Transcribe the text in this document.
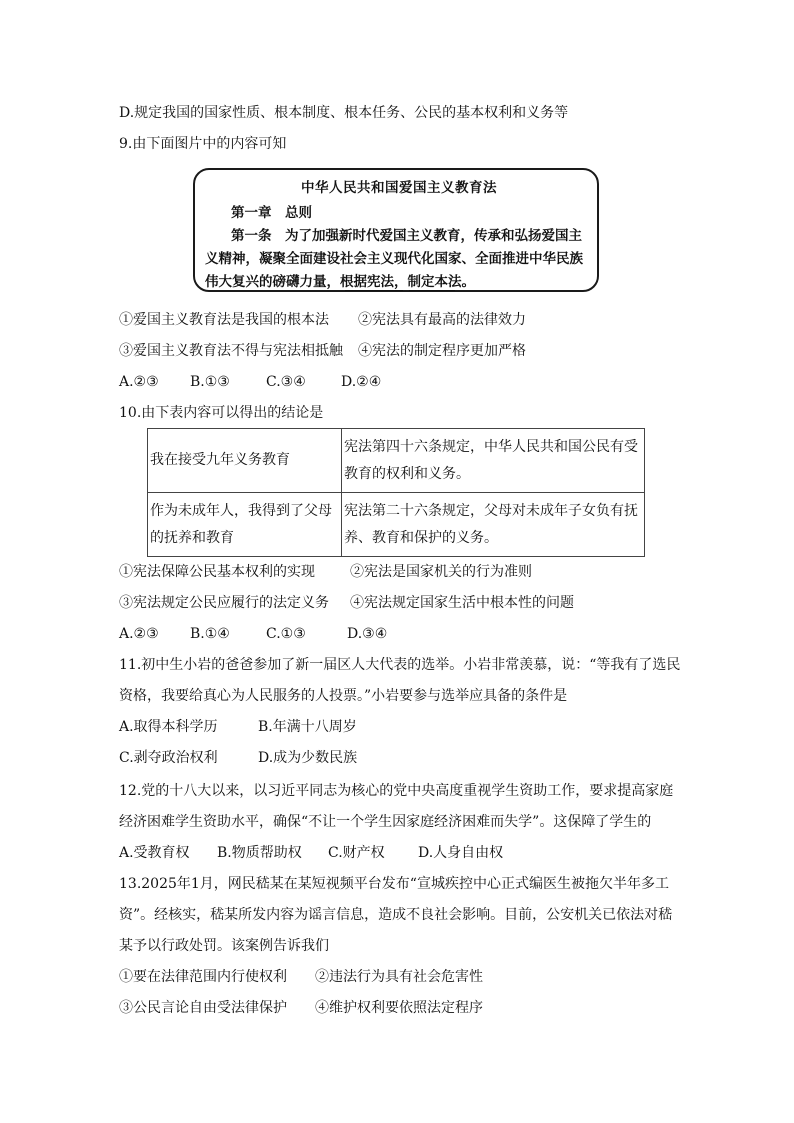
D.规定我国的国家性质、根本制度、根本任务、公民的基本权利和义务等
9.由下面图片中的内容可知
中华人民共和国爱国主义教育法
第一章　总则
第一条　为了加强新时代爱国主义教育，传承和弘扬爱国主
义精神，凝聚全面建设社会主义现代化国家、全面推进中华民族
伟大复兴的磅礴力量，根据宪法，制定本法。
①爱国主义教育法是我国的根本法 ②宪法具有最高的法律效力
③爱国主义教育法不得与宪法相抵触 ④宪法的制定程序更加严格
A.②③ B.①③	C.③④	D.②④
10.由下表内容可以得出的结论是
我在接受九年义务教育	宪法第四十六条规定，中华人民共和国公民有受教育的权利和义务。
作为未成年人，我得到了父母的抚养和教育	宪法第二十六条规定，父母对未成年子女负有抚养、教育和保护的义务。
①宪法保障公民基本权利的实现	②宪法是国家机关的行为准则
③宪法规定公民应履行的法定义务 ④宪法规定国家生活中根本性的问题
A.②③ B.①④	C.①③	D.③④
11.初中生小岩的爸爸参加了新一届区人大代表的选举。小岩非常羡慕，说：“等我有了选民
资格，我要给真心为人民服务的人投票。”小岩要参与选举应具备的条件是
A.取得本科学历	B.年满十八周岁
C.剥夺政治权利	D.成为少数民族
12.党的十八大以来，以习近平同志为核心的党中央高度重视学生资助工作，要求提高家庭
经济困难学生资助水平，确保“不让一个学生因家庭经济困难而失学”。这保障了学生的
A.受教育权 B.物质帮助权 C.财产权 D.人身自由权
13.2025年1月，网民嵇某在某短视频平台发布“宣城疾控中心正式编医生被拖欠半年多工
资”。经核实，嵇某所发内容为谣言信息，造成不良社会影响。目前，公安机关已依法对嵇
某予以行政处罚。该案例告诉我们
①要在法律范围内行使权利 ②违法行为具有社会危害性
③公民言论自由受法律保护 ④维护权利要依照法定程序
